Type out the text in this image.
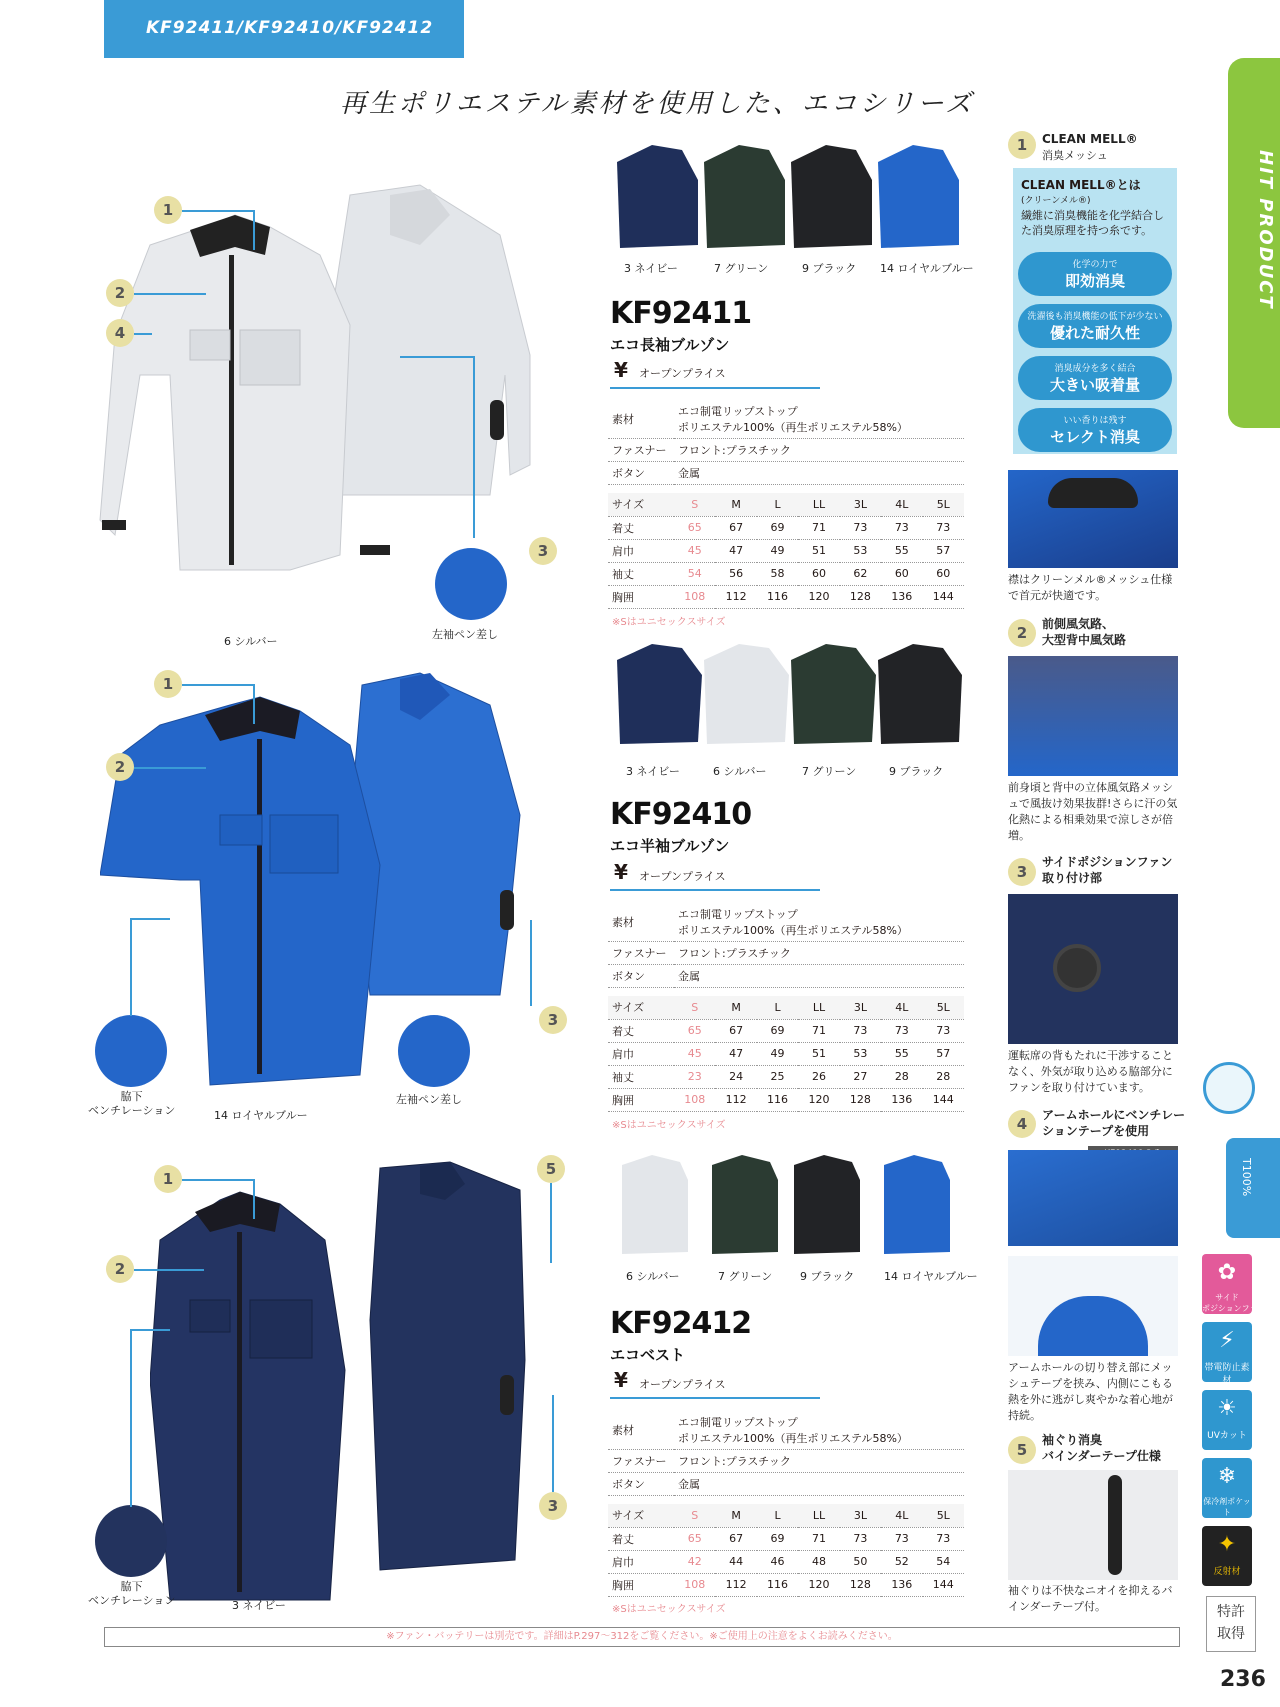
KF92411/KF92410/KF92412
再生ポリエステル素材を使用した、エコシリーズ
HIT PRODUCT
T100%
6 シルバー
左袖ペン差し
1
2
4
3
脇下
ベンチレーション	14 ロイヤルブルー
左袖ペン差し
1
2
3
脇下
ベンチレーション	3 ネイビー
1
2
5
3
3 ネイビー	7 グリーン	9 ブラック 14 ロイヤルブルー
KF92411
エコ長袖ブルゾン
¥ オープンプライス
素材	エコ制電リップストップ
ポリエステル100%（再生ポリエステル58%）
ファスナー	フロント:プラスチック
ボタン	金属
サイズ	S	M	L	LL	3L	4L	5L
着丈	65	67	69	71	73	73	73
肩巾	45	47	49	51	53	55	57
袖丈	54	56	58	60	62	60	60
胸囲	108	112	116	120	128	136	144
※Sはユニセックスサイズ
3 ネイビー	6 シルバー	7 グリーン	9 ブラック
KF92410
エコ半袖ブルゾン
¥ オープンプライス
素材	エコ制電リップストップ
ポリエステル100%（再生ポリエステル58%）
ファスナー	フロント:プラスチック
ボタン	金属
サイズ	S	M	L	LL	3L	4L	5L
着丈	65	67	69	71	73	73	73
肩巾	45	47	49	51	53	55	57
袖丈	23	24	25	26	27	28	28
胸囲	108	112	116	120	128	136	144
※Sはユニセックスサイズ
6 シルバー	7 グリーン	9 ブラック	14 ロイヤルブルー
KF92412
エコベスト
¥ オープンプライス
素材	エコ制電リップストップ
ポリエステル100%（再生ポリエステル58%）
ファスナー	フロント:プラスチック
ボタン	金属
サイズ	S	M	L	LL	3L	4L	5L
着丈	65	67	69	71	73	73	73
肩巾	42	44	46	48	50	52	54
胸囲	108	112	116	120	128	136	144
※Sはユニセックスサイズ
1	CLEAN MELL®
消臭メッシュ
CLEAN MELL®とは
(クリーンメル®)
繊維に消臭機能を化学結合した消臭原理を持つ糸です。
化学の力で
即効消臭
洗濯後も消臭機能の低下が少ない
優れた耐久性
消臭成分を多く結合
大きい吸着量
いい香りは残す
セレクト消臭
襟はクリーンメル®メッシュ仕様で首元が快適です。
2	前側風気路、
大型背中風気路
前身頃と背中の立体風気路メッシュで風抜け効果抜群!さらに汗の気化熱による相乗効果で涼しさが倍増。
3
サイドポジションファン
取り付け部
運転席の背もたれに干渉することなく、外気が取り込める脇部分にファンを取り付けています。
4	アームホールにベンチレー
ションテープを使用
アームホールの切り替え部にメッシュテープを挟み、内側にこもる熱を外に逃がし爽やかな着心地が持続。
5
袖ぐり消臭
バインダーテープ仕様
袖ぐりは不快なニオイを抑えるバインダーテープ付。
✿
サイド
ポジションファン
⚡
帯電防止素材
☀
UVカット
❄
保冷剤ポケット
✦
反射材
特許
取得
※ファン・バッテリーは別売です。詳細はP.297～312をご覧ください。※ご使用上の注意をよくお読みください。
236
